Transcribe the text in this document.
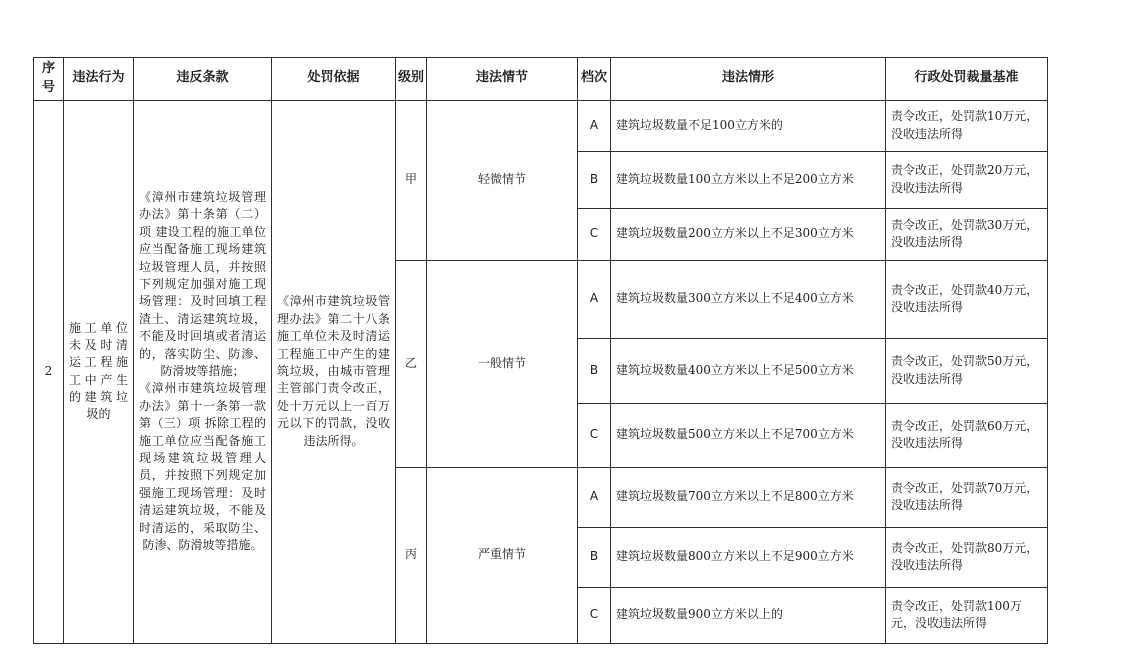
序号	违法行为	违反条款	处罚依据	级别	违法情节	档次	违法情形	行政处罚裁量基准
2	施工单位未及时清运工程施工中产生的建筑垃圾的	《漳州市建筑垃圾管理办法》第十条第（二）项 建设工程的施工单位应当配备施工现场建筑垃圾管理人员，并按照下列规定加强对施工现场管理：及时回填工程渣土、清运建筑垃圾，不能及时回填或者清运的，落实防尘、防渗、防滑坡等措施；

《漳州市建筑垃圾管理办法》第十一条第一款第（三）项 拆除工程的施工单位应当配备施工现场建筑垃圾管理人员，并按照下列规定加强施工现场管理：及时清运建筑垃圾，不能及时清运的，采取防尘、防渗、防滑坡等措施。	《漳州市建筑垃圾管理办法》第二十八条 施工单位未及时清运工程施工中产生的建筑垃圾，由城市管理主管部门责令改正，处十万元以上一百万元以下的罚款，没收违法所得。	甲	轻微情节	A	建筑垃圾数量不足100立方米的	责令改正，处罚款10万元，没收违法所得
						B	建筑垃圾数量100立方米以上不足200立方米	责令改正，处罚款20万元，没收违法所得
						C	建筑垃圾数量200立方米以上不足300立方米	责令改正，处罚款30万元，没收违法所得
				乙	一般情节	A	建筑垃圾数量300立方米以上不足400立方米	责令改正，处罚款40万元，没收违法所得
						B	建筑垃圾数量400立方米以上不足500立方米	责令改正，处罚款50万元，没收违法所得
						C	建筑垃圾数量500立方米以上不足700立方米	责令改正，处罚款60万元，没收违法所得
				丙	严重情节	A	建筑垃圾数量700立方米以上不足800立方米	责令改正，处罚款70万元，没收违法所得
						B	建筑垃圾数量800立方米以上不足900立方米	责令改正，处罚款80万元，没收违法所得
						C	建筑垃圾数量900立方米以上的	责令改正，处罚款100万元，没收违法所得
